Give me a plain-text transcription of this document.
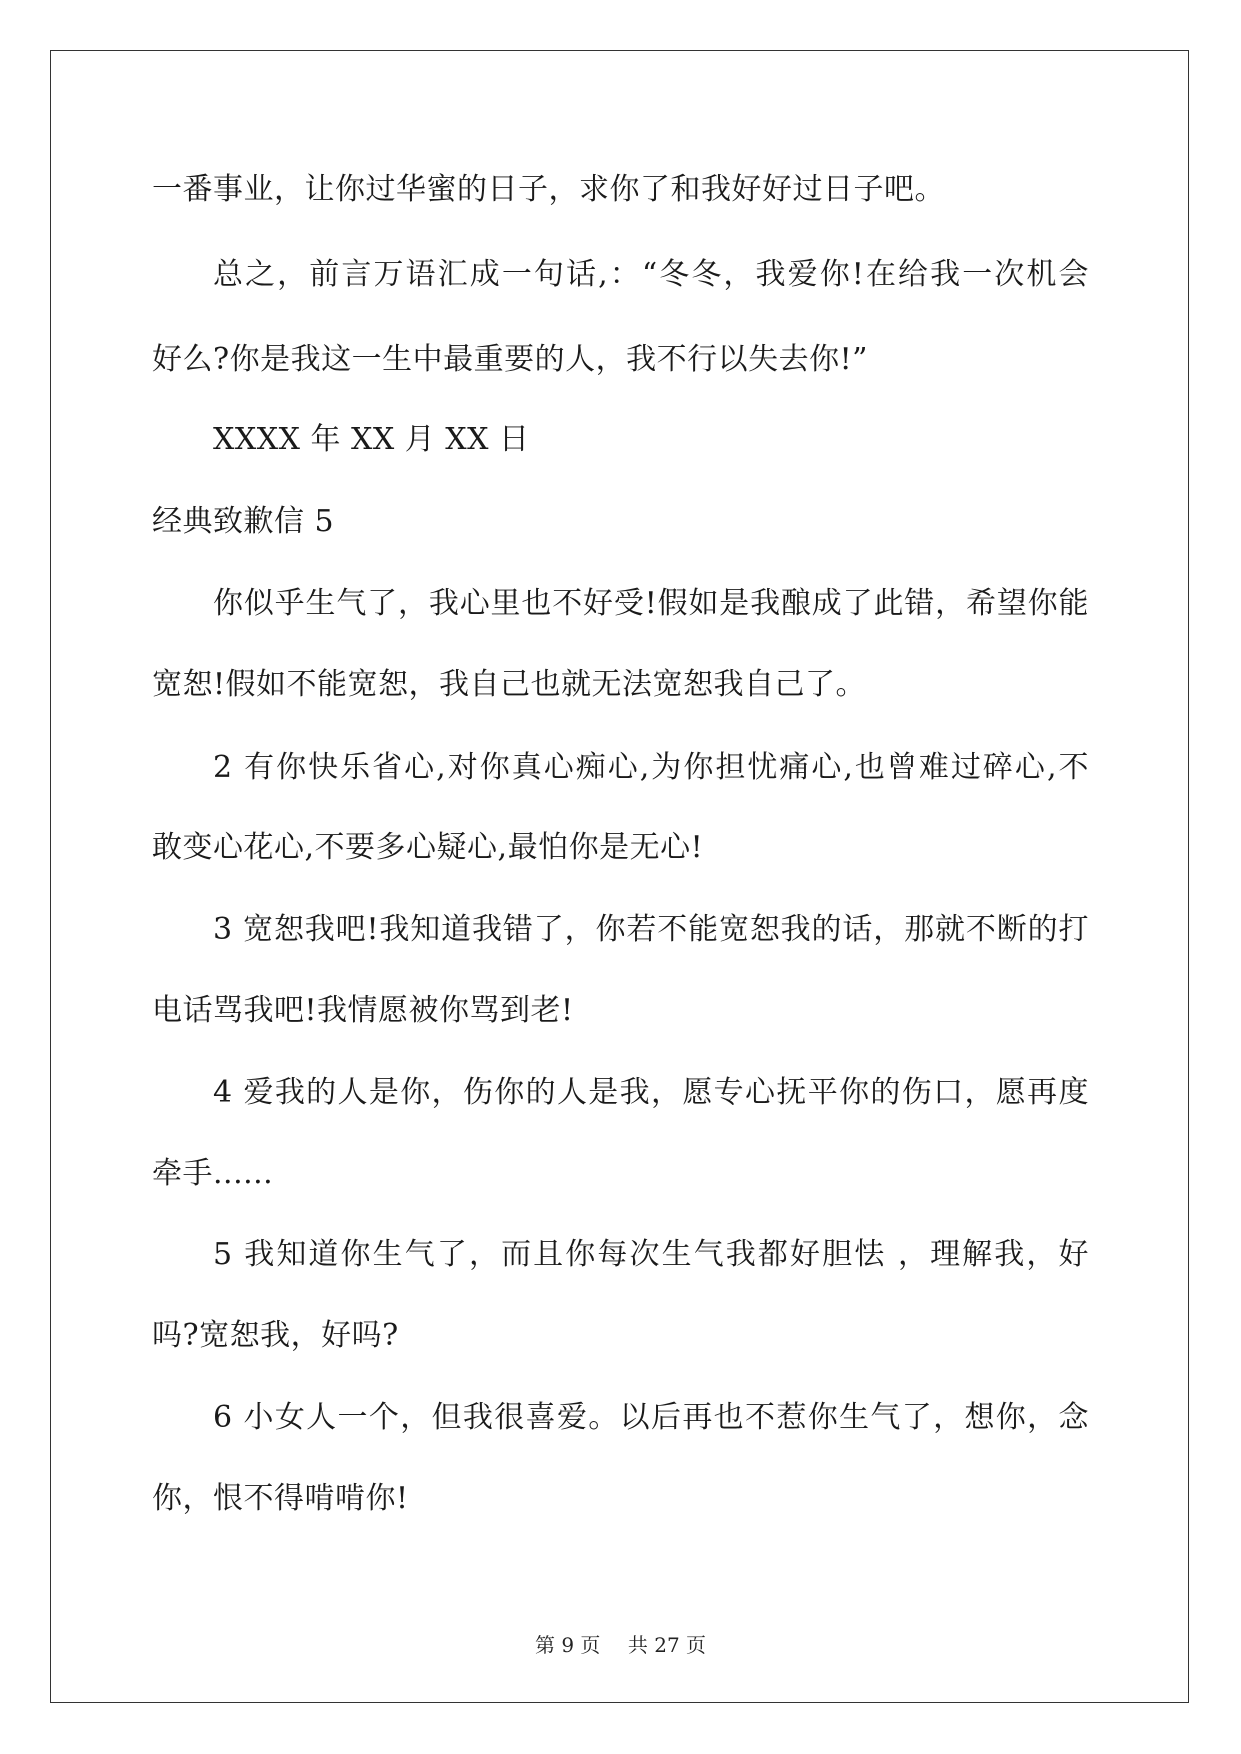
一番事业，让你过华蜜的日子，求你了和我好好过日子吧。
总之，前言万语汇成一句话,：“冬冬，我爱你!在给我一次机会
好么?你是我这一生中最重要的人，我不行以失去你!”
XXXX 年 XX 月 XX 日
经典致歉信 5
你似乎生气了，我心里也不好受!假如是我酿成了此错，希望你能
宽恕!假如不能宽恕，我自己也就无法宽恕我自己了。
2 有你快乐省心,对你真心痴心,为你担忧痛心,也曾难过碎心,不
敢变心花心,不要多心疑心,最怕你是无心!
3 宽恕我吧!我知道我错了，你若不能宽恕我的话，那就不断的打
电话骂我吧!我情愿被你骂到老!
4 爱我的人是你，伤你的人是我，愿专心抚平你的伤口，愿再度
牵手......
5 我知道你生气了，而且你每次生气我都好胆怯 ，理解我，好
吗?宽恕我，好吗?
6 小女人一个，但我很喜爱。以后再也不惹你生气了，想你，念
你，恨不得啃啃你!
第 9 页 共 27 页
